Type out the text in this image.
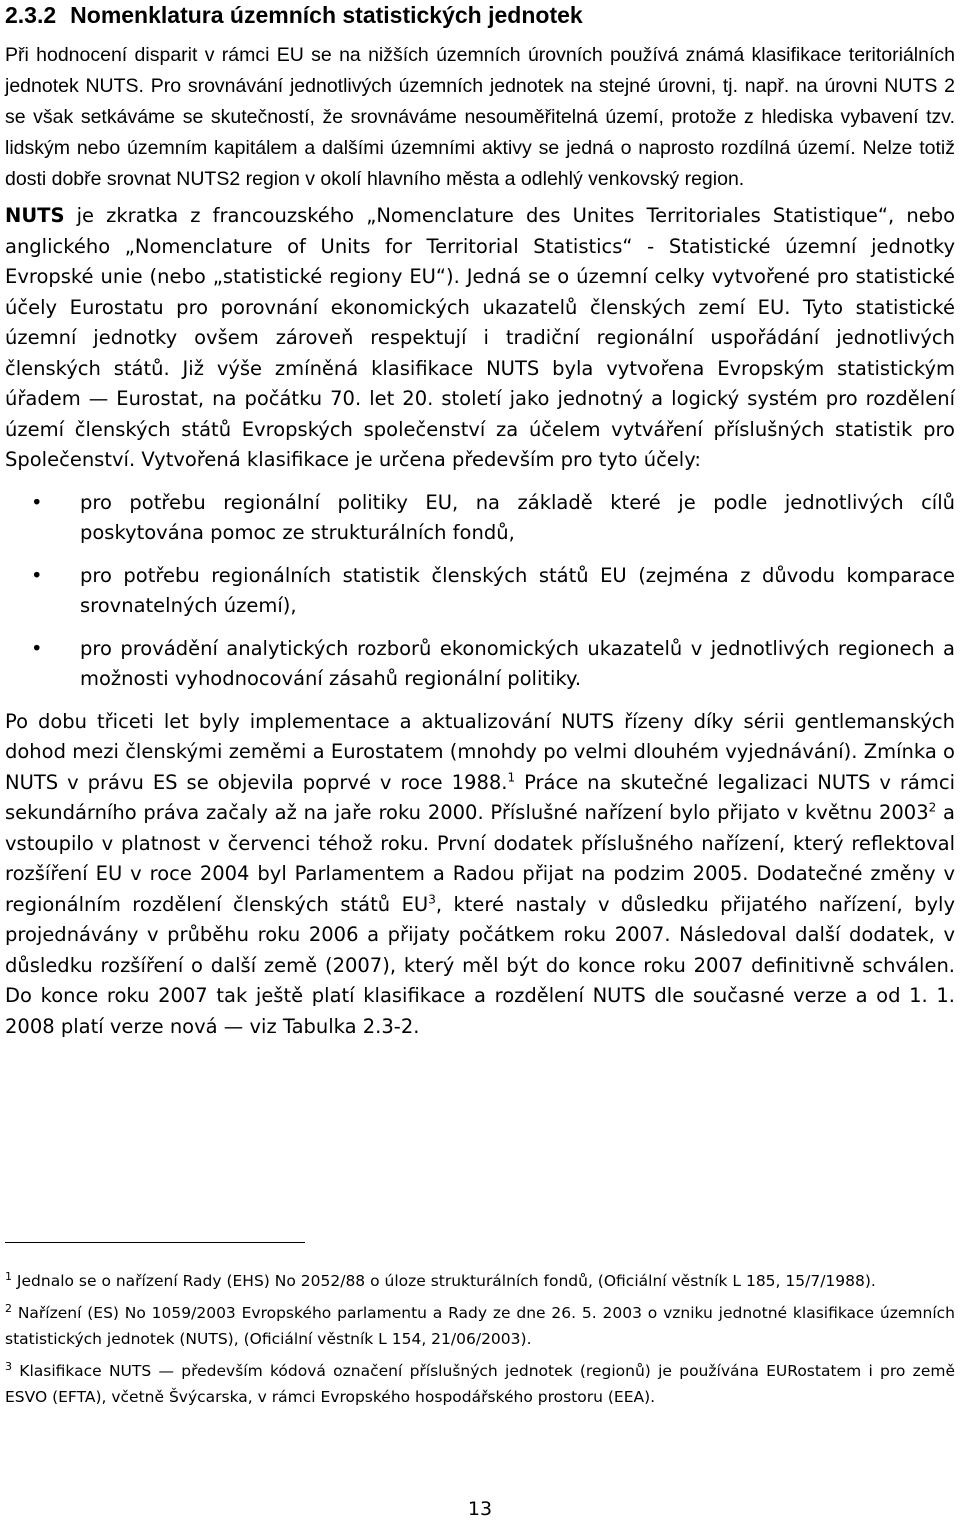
2.3.2 Nomenklatura územních statistických jednotek

Při hodnocení disparit v rámci EU se na nižších územních úrovních používá známá klasifikace teritoriálních jednotek NUTS. Pro srovnávání jednotlivých územních jednotek na stejné úrovni, tj. např. na úrovni NUTS 2 se však setkáváme se skutečností, že srovnáváme nesouměřitelná území, protože z hlediska vybavení tzv. lidským nebo územním kapitálem a dalšími územními aktivy se jedná o naprosto rozdílná území. Nelze totiž dosti dobře srovnat NUTS2 region v okolí hlavního města a odlehlý venkovský region.

NUTS je zkratka z francouzského „Nomenclature des Unites Territoriales Statistique“, nebo anglického „Nomenclature of Units for Territorial Statistics“ - Statistické územní jednotky Evropské unie (nebo „statistické regiony EU“). Jedná se o územní celky vytvořené pro statistické účely Eurostatu pro porovnání ekonomických ukazatelů členských zemí EU. Tyto statistické územní jednotky ovšem zároveň respektují i tradiční regionální uspořádání jednotlivých členských států. Již výše zmíněná klasifikace NUTS byla vytvořena Evropským statistickým úřadem — Eurostat, na počátku 70. let 20. století jako jednotný a logický systém pro rozdělení území členských států Evropských společenství za účelem vytváření příslušných statistik pro Společenství. Vytvořená klasifikace je určena především pro tyto účely:

• pro potřebu regionální politiky EU, na základě které je podle jednotlivých cílů poskytována pomoc ze strukturálních fondů,
• pro potřebu regionálních statistik členských států EU (zejména z důvodu komparace srovnatelných území),
• pro provádění analytických rozborů ekonomických ukazatelů v jednotlivých regionech a možnosti vyhodnocování zásahů regionální politiky.

Po dobu třiceti let byly implementace a aktualizování NUTS řízeny díky sérii gentlemanských dohod mezi členskými zeměmi a Eurostatem (mnohdy po velmi dlouhém vyjednávání). Zmínka o NUTS v právu ES se objevila poprvé v roce 1988.$^1$ Práce na skutečné legalizaci NUTS v rámci sekundárního práva začaly až na jaře roku 2000. Příslušné nařízení bylo přijato v květnu 2003$^2$ a vstoupilo v platnost v červenci téhož roku. První dodatek příslušného nařízení, který reflektoval rozšíření EU v roce 2004 byl Parlamentem a Radou přijat na podzim 2005. Dodatečné změny v regionálním rozdělení členských států $EU^3$, které nastaly v důsledku přijatého nařízení, byly projednávány v průběhu roku 2006 a přijaty počátkem roku 2007. Následoval další dodatek, v důsledku rozšíření o další země (2007), který měl být do konce roku 2007 definitivně schválen. Do konce roku 2007 tak ještě platí klasifikace a rozdělení NUTS dle současné verze a od 1. 1. 2008 platí verze nová — viz Tabulka 2.3-2.

$^1$ Jednalo se o nařízení Rady (EHS) No 2052/88 o úloze strukturálních fondů, (Oficiální věstník L 185, 15/7/1988).

$^2$ Nařízení (ES) No 1059/2003 Evropského parlamentu a Rady ze dne 26. 5. 2003 o vzniku jednotné klasifikace územních statistických jednotek (NUTS), (Oficiální věstník L 154, 21/06/2003).

$^3$ Klasifikace NUTS — především kódová označení příslušných jednotek (regionů) je používána EURostatem i pro země ESVO (EFTA), včetně Švýcarska, v rámci Evropského hospodářského prostoru (EEA).

13
